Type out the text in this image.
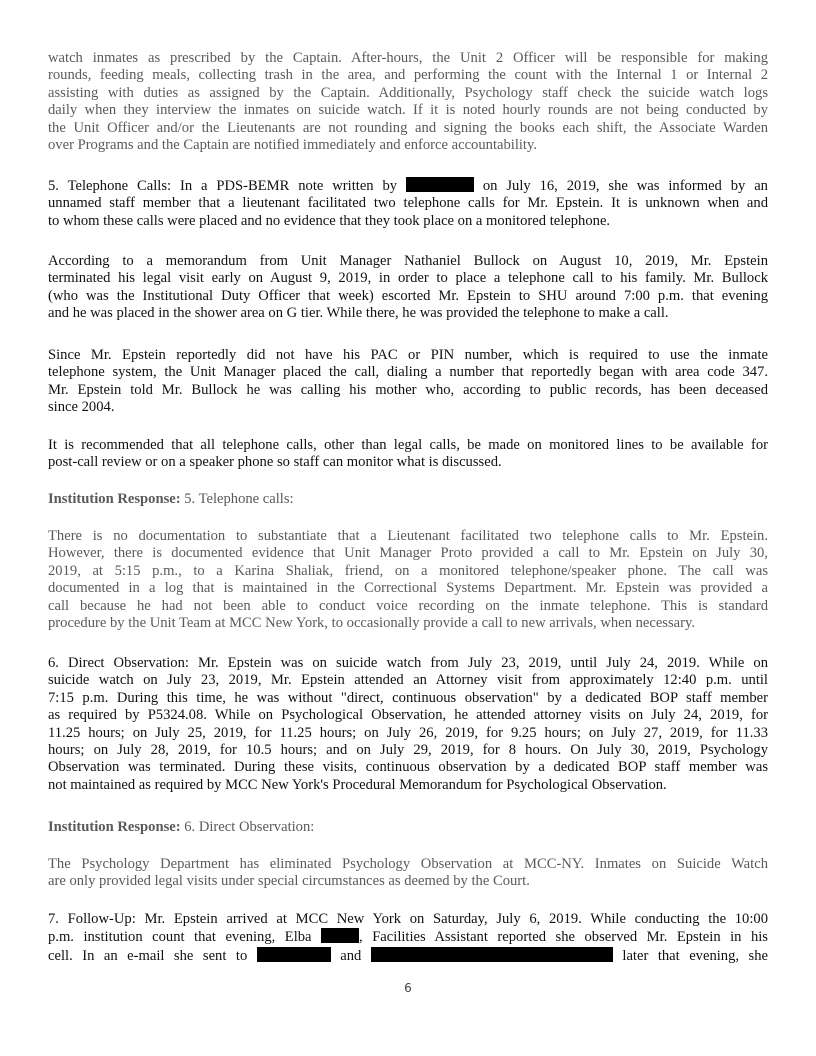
watch inmates as prescribed by the Captain. After-hours, the Unit 2 Officer will be responsible for making
rounds, feeding meals, collecting trash in the area, and performing the count with the Internal 1 or Internal 2
assisting with duties as assigned by the Captain. Additionally, Psychology staff check the suicide watch logs
daily when they interview the inmates on suicide watch. If it is noted hourly rounds are not being conducted by
the Unit Officer and/or the Lieutenants are not rounding and signing the books each shift, the Associate Warden
over Programs and the Captain are notified immediately and enforce accountability.
5. Telephone Calls: In a PDS-BEMR note written by	on July 16, 2019, she was informed by an
unnamed staff member that a lieutenant facilitated two telephone calls for Mr. Epstein. It is unknown when and
to whom these calls were placed and no evidence that they took place on a monitored telephone.
According to a memorandum from Unit Manager Nathaniel Bullock on August 10, 2019, Mr. Epstein
terminated his legal visit early on August 9, 2019, in order to place a telephone call to his family. Mr. Bullock
(who was the Institutional Duty Officer that week) escorted Mr. Epstein to SHU around 7:00 p.m. that evening
and he was placed in the shower area on G tier. While there, he was provided the telephone to make a call.
Since Mr. Epstein reportedly did not have his PAC or PIN number, which is required to use the inmate
telephone system, the Unit Manager placed the call, dialing a number that reportedly began with area code 347.
Mr. Epstein told Mr. Bullock he was calling his mother who, according to public records, has been deceased
since 2004.
It is recommended that all telephone calls, other than legal calls, be made on monitored lines to be available for
post-call review or on a speaker phone so staff can monitor what is discussed.
Institution Response: 5. Telephone calls:
There is no documentation to substantiate that a Lieutenant facilitated two telephone calls to Mr. Epstein.
However, there is documented evidence that Unit Manager Proto provided a call to Mr. Epstein on July 30,
2019, at 5:15 p.m., to a Karina Shaliak, friend, on a monitored telephone/speaker phone. The call was
documented in a log that is maintained in the Correctional Systems Department. Mr. Epstein was provided a
call because he had not been able to conduct voice recording on the inmate telephone. This is standard
procedure by the Unit Team at MCC New York, to occasionally provide a call to new arrivals, when necessary.
6. Direct Observation: Mr. Epstein was on suicide watch from July 23, 2019, until July 24, 2019. While on
suicide watch on July 23, 2019, Mr. Epstein attended an Attorney visit from approximately 12:40 p.m. until
7:15 p.m. During this time, he was without "direct, continuous observation" by a dedicated BOP staff member
as required by P5324.08. While on Psychological Observation, he attended attorney visits on July 24, 2019, for
11.25 hours; on July 25, 2019, for 11.25 hours; on July 26, 2019, for 9.25 hours; on July 27, 2019, for 11.33
hours; on July 28, 2019, for 10.5 hours; and on July 29, 2019, for 8 hours. On July 30, 2019, Psychology
Observation was terminated. During these visits, continuous observation by a dedicated BOP staff member was
not maintained as required by MCC New York's Procedural Memorandum for Psychological Observation.
Institution Response: 6. Direct Observation:
The Psychology Department has eliminated Psychology Observation at MCC-NY. Inmates on Suicide Watch
are only provided legal visits under special circumstances as deemed by the Court.
7. Follow-Up: Mr. Epstein arrived at MCC New York on Saturday, July 6, 2019. While conducting the 10:00
p.m. institution count that evening, Elba	, Facilities Assistant reported she observed Mr. Epstein in his
cell. In an e-mail she sent to	and	later that evening, she
6
